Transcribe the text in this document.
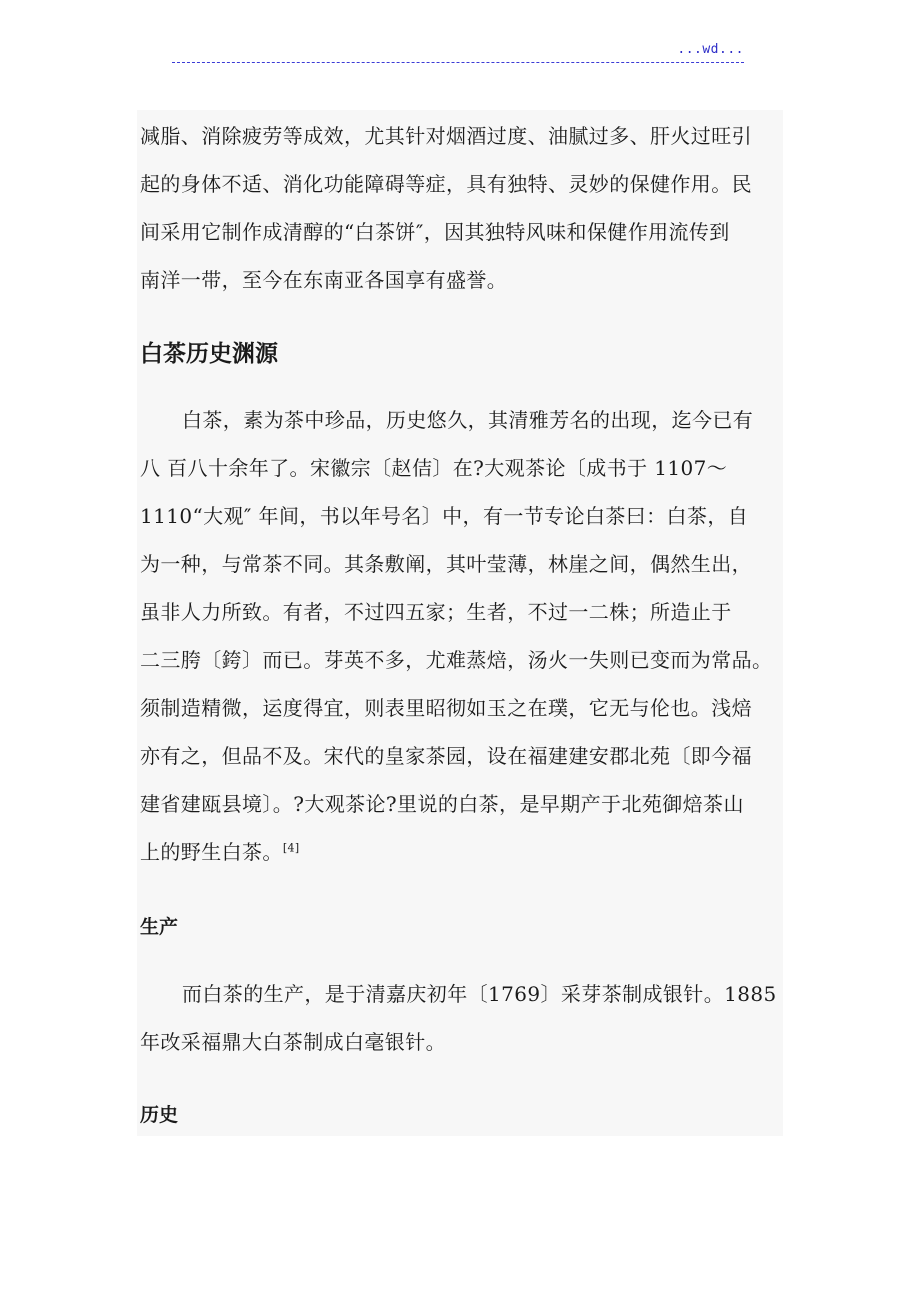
...wd...

减脂、消除疲劳等成效，尤其针对烟酒过度、油腻过多、肝火过旺引
起的身体不适、消化功能障碍等症，具有独特、灵妙的保健作用。民
间采用它制作成清醇的“白茶饼″，因其独特风味和保健作用流传到
南洋一带，至今在东南亚各国享有盛誉。

白茶历史渊源

白茶，素为茶中珍品，历史悠久，其清雅芳名的出现，迄今已有
八 百八十余年了。宋徽宗〔赵佶〕在?大观茶论〔成书于 1107～
1110“大观″ 年间，书以年号名〕中，有一节专论白茶曰：白茶，自
为一种，与常茶不同。其条敷阐，其叶莹薄，林崖之间，偶然生出，
虽非人力所致。有者，不过四五家；生者，不过一二株；所造止于
二三胯〔銙〕而已。芽英不多，尤难蒸焙，汤火一失则已变而为常品。
须制造精微，运度得宜，则表里昭彻如玉之在璞，它无与伦也。浅焙
亦有之，但品不及。宋代的皇家茶园，设在福建建安郡北苑〔即今福
建省建瓯县境〕。?大观茶论?里说的白茶，是早期产于北苑御焙茶山
上的野生白茶。[4]

生产

而白茶的生产，是于清嘉庆初年〔1769〕采芽茶制成银针。1885
年改采福鼎大白茶制成白毫银针。

历史
